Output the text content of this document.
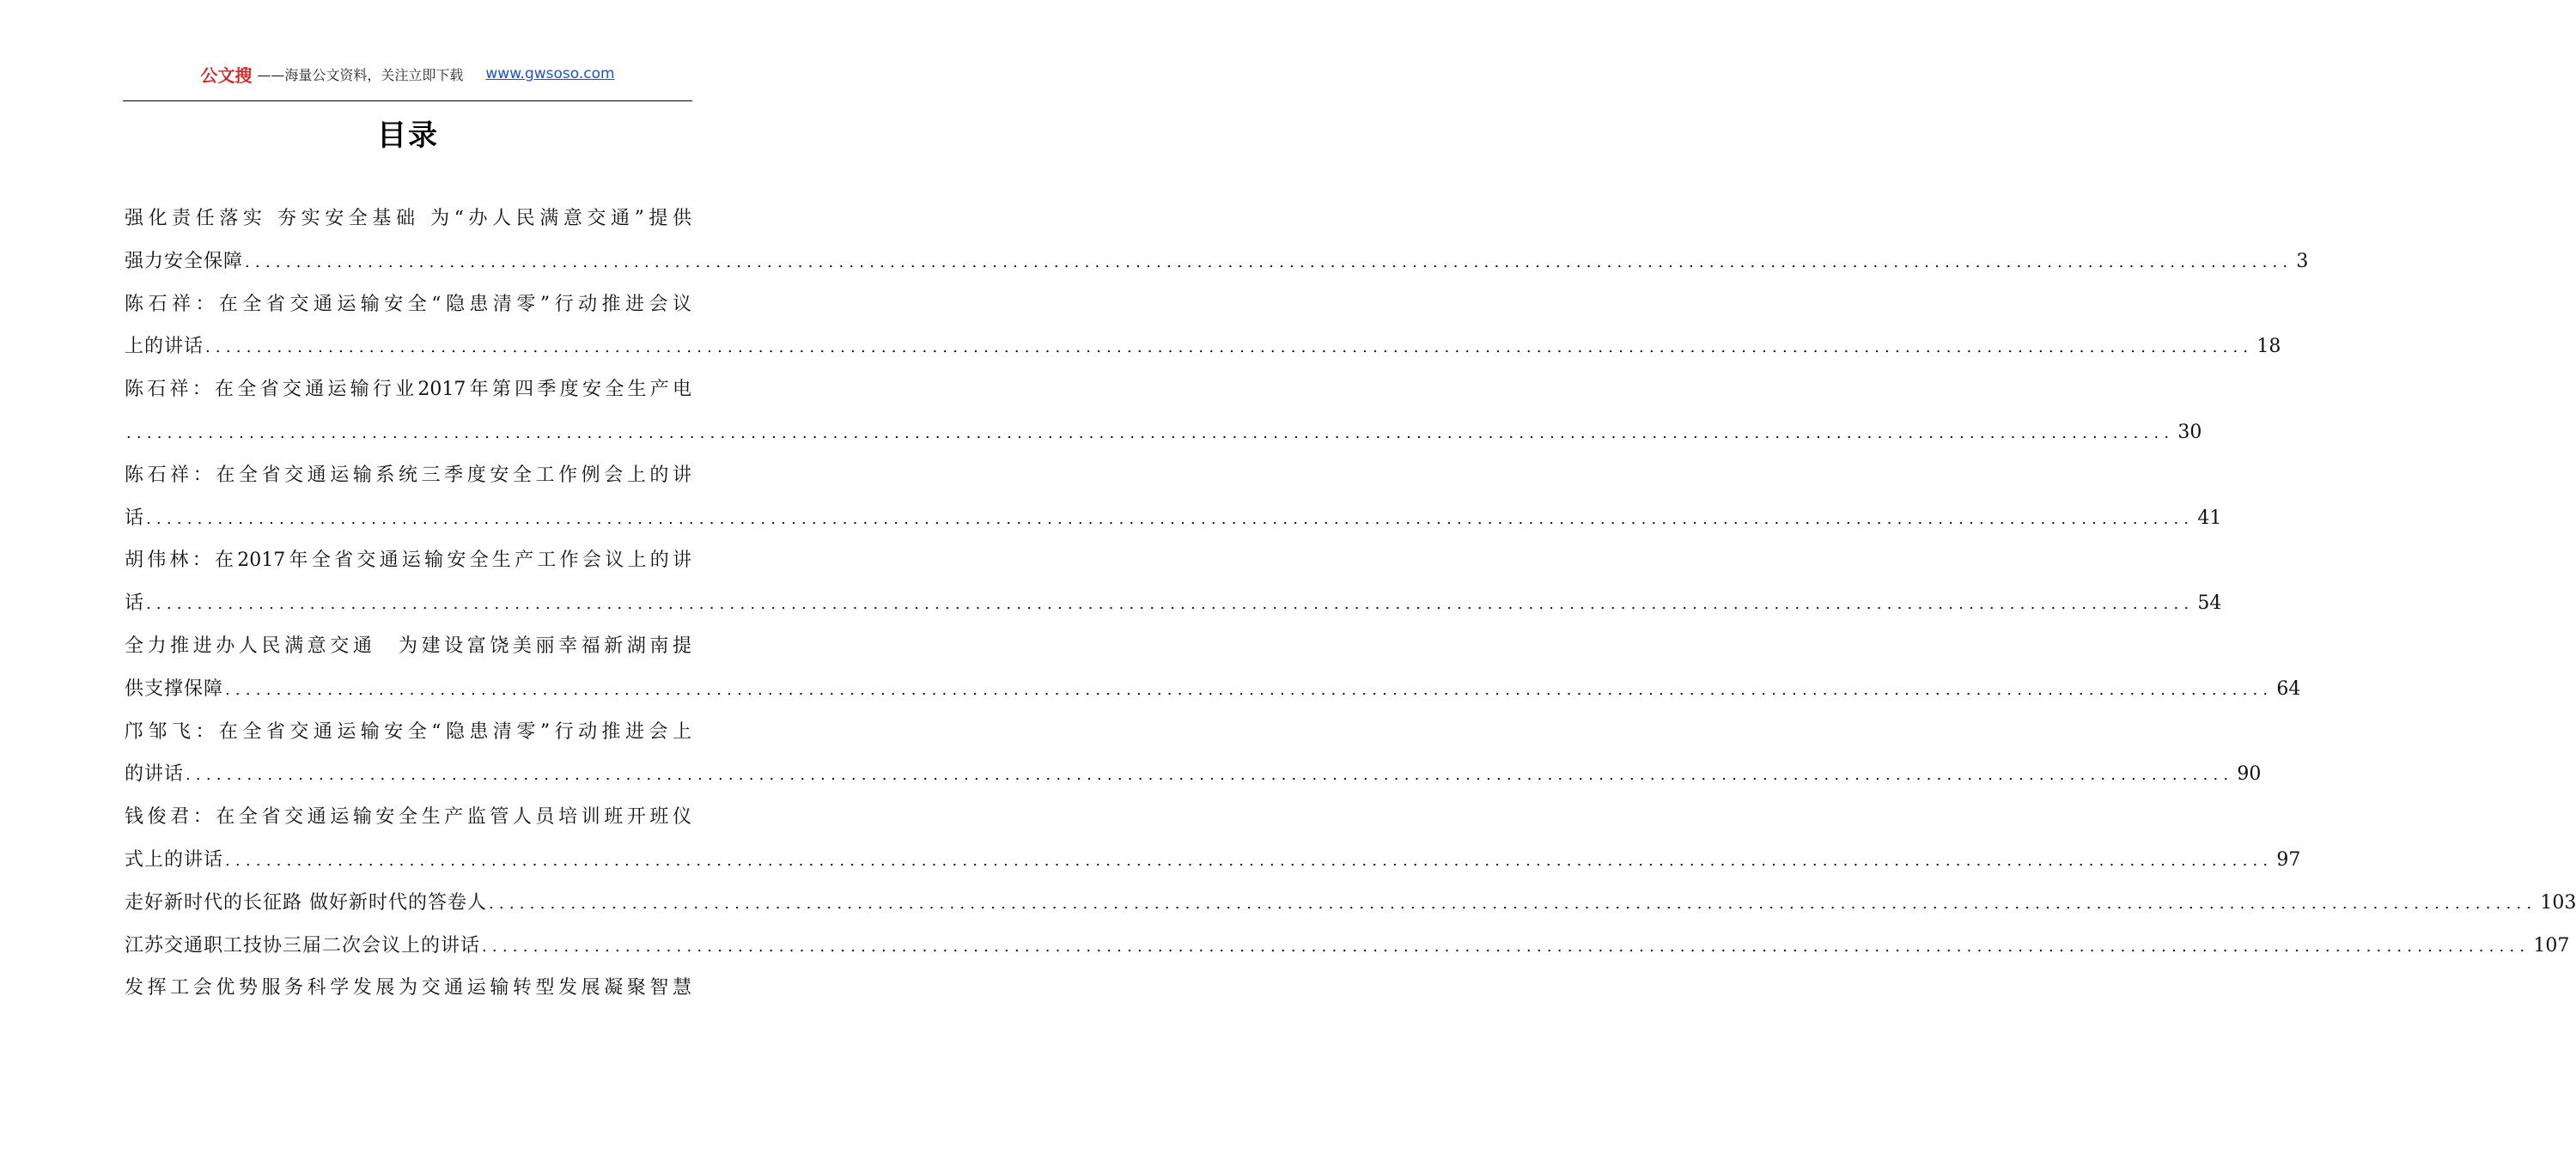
公文搜 ——海量公文资料，关注立即下载 www.gwsoso.com
目录
强化责任落实 夯实安全基础 为“办人民满意交通”提供
强力安全保障 ........................................................................................................................................................................................................ 3
陈石祥：在全省交通运输安全“隐患清零”行动推进会议
上的讲话 ........................................................................................................................................................................................................ 18
陈石祥：在全省交通运输行业2017年第四季度安全生产电
........................................................................................................................................................................................................ 30
陈石祥：在全省交通运输系统三季度安全工作例会上的讲
话 ........................................................................................................................................................................................................ 41
胡伟林：在2017年全省交通运输安全生产工作会议上的讲
话 ........................................................................................................................................................................................................ 54
全力推进办人民满意交通　为建设富饶美丽幸福新湖南提
供支撑保障 ........................................................................................................................................................................................................ 64
邝邹飞：在全省交通运输安全“隐患清零”行动推进会上
的讲话 ........................................................................................................................................................................................................ 90
钱俊君：在全省交通运输安全生产监管人员培训班开班仪
式上的讲话 ........................................................................................................................................................................................................ 97
走好新时代的长征路 做好新时代的答卷人 ........................................................................................................................................................................................................ 103
江苏交通职工技协三届二次会议上的讲话 ........................................................................................................................................................................................................ 107
发挥工会优势服务科学发展为交通运输转型发展凝聚智慧
